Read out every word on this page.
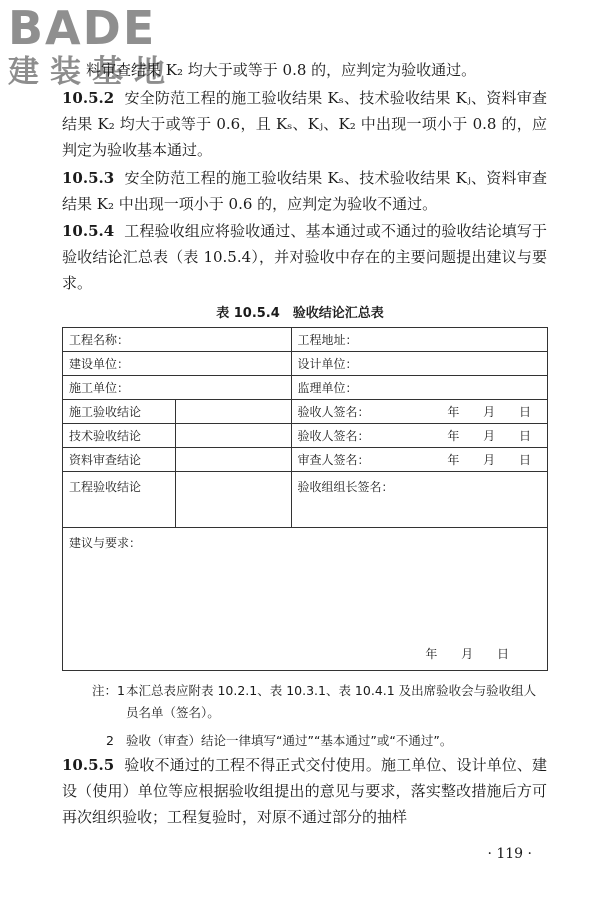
BADE
建装基地

料审查结果 K₂ 均大于或等于 0.8 的，应判定为验收通过。

10.5.2 安全防范工程的施工验收结果 Kₛ、技术验收结果 Kⱼ、资料审查结果 K₂ 均大于或等于 0.6，且 Kₛ、Kⱼ、K₂ 中出现一项小于 0.8 的，应判定为验收基本通过。

10.5.3 安全防范工程的施工验收结果 Kₛ、技术验收结果 Kⱼ、资料审查结果 K₂ 中出现一项小于 0.6 的，应判定为验收不通过。

10.5.4 工程验收组应将验收通过、基本通过或不通过的验收结论填写于验收结论汇总表（表 10.5.4），并对验收中存在的主要问题提出建议与要求。

表 10.5.4　验收结论汇总表
工程名称：		工程地址：
建设单位：		设计单位：
施工单位：		监理单位：
施工验收结论		验收人签名： 年 月 日

技术验收结论		验收人签名： 年 月 日

资料审查结论		审查人签名： 年 月 日

工程验收结论		验收组组长签名：
建议与要求：
年 月 日		
注：1 本汇总表应附表 10.2.1、表 10.3.1、表 10.4.1 及出席验收会与验收组人员名单（签名）。
2 验收（审查）结论一律填写“通过”“基本通过”或“不通过”。

10.5.5 验收不通过的工程不得正式交付使用。施工单位、设计单位、建设（使用）单位等应根据验收组提出的意见与要求，落实整改措施后方可再次组织验收；工程复验时，对原不通过部分的抽样

· 119 ·
